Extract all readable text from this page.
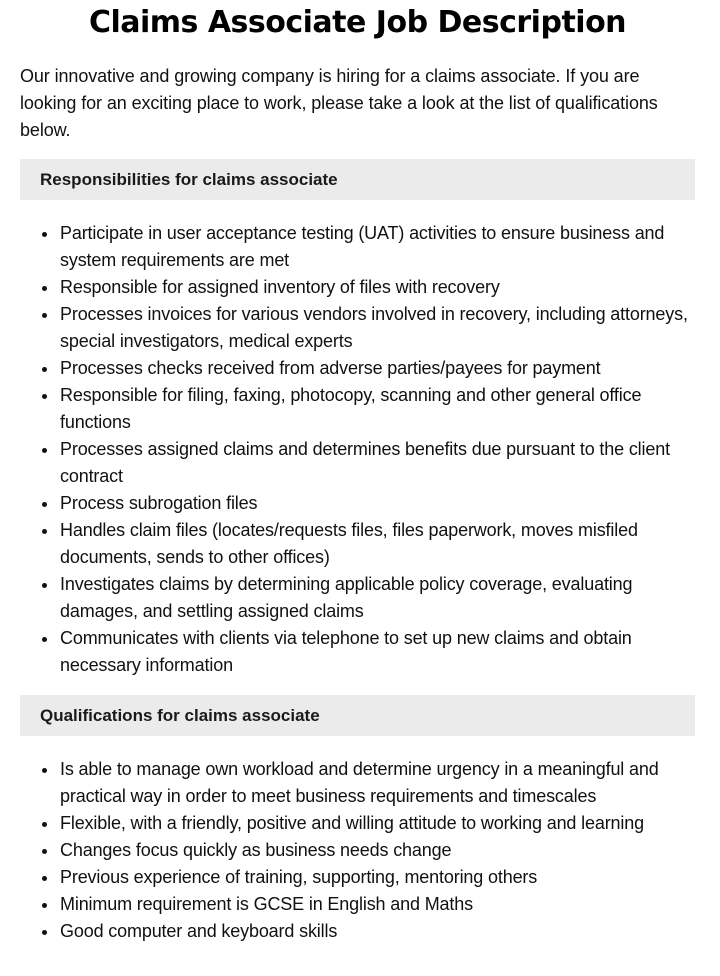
Claims Associate Job Description

Our innovative and growing company is hiring for a claims associate. If you are looking for an exciting place to work, please take a look at the list of qualifications below.

Responsibilities for claims associate
Participate in user acceptance testing (UAT) activities to ensure business and system requirements are met
Responsible for assigned inventory of files with recovery
Processes invoices for various vendors involved in recovery, including attorneys, special investigators, medical experts
Processes checks received from adverse parties/payees for payment
Responsible for filing, faxing, photocopy, scanning and other general office functions
Processes assigned claims and determines benefits due pursuant to the client contract
Process subrogation files
Handles claim files (locates/requests files, files paperwork, moves misfiled documents, sends to other offices)
Investigates claims by determining applicable policy coverage, evaluating damages, and settling assigned claims
Communicates with clients via telephone to set up new claims and obtain necessary information
Qualifications for claims associate
Is able to manage own workload and determine urgency in a meaningful and practical way in order to meet business requirements and timescales
Flexible, with a friendly, positive and willing attitude to working and learning
Changes focus quickly as business needs change
Previous experience of training, supporting, mentoring others
Minimum requirement is GCSE in English and Maths
Good computer and keyboard skills
